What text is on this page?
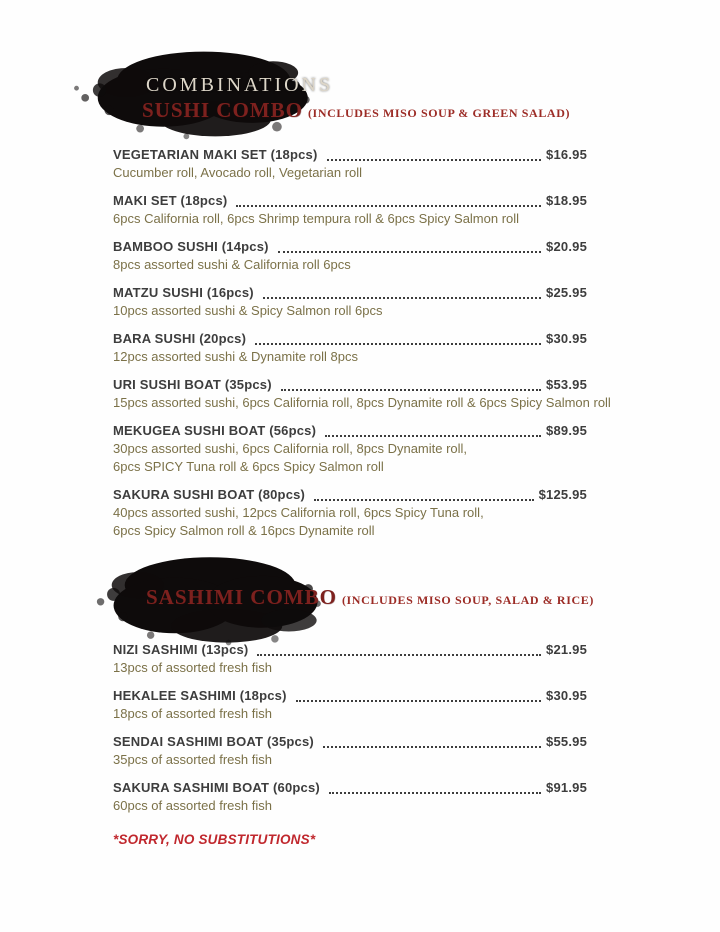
COMBINATIONS
SUSHI COMBO (INCLUDES MISO SOUP & GREEN SALAD)
SASHIMI COMBO (INCLUDES MISO SOUP, SALAD & RICE)
VEGETARIAN MAKI SET (18pcs)	$16.95
Cucumber roll, Avocado roll, Vegetarian roll
MAKI SET (18pcs)	$18.95
6pcs California roll, 6pcs Shrimp tempura roll & 6pcs Spicy Salmon roll
BAMBOO SUSHI (14pcs)	$20.95
8pcs assorted sushi & California roll 6pcs
MATZU SUSHI (16pcs)	$25.95
10pcs assorted sushi & Spicy Salmon roll 6pcs
BARA SUSHI (20pcs)	$30.95
12pcs assorted sushi & Dynamite roll 8pcs
URI SUSHI BOAT (35pcs)	$53.95
15pcs assorted sushi, 6pcs California roll, 8pcs Dynamite roll & 6pcs Spicy Salmon roll
MEKUGEA SUSHI BOAT (56pcs)	$89.95
30pcs assorted sushi, 6pcs California roll, 8pcs Dynamite roll,
6pcs SPICY Tuna roll & 6pcs Spicy Salmon roll
SAKURA SUSHI BOAT (80pcs)	$125.95
40pcs assorted sushi, 12pcs California roll, 6pcs Spicy Tuna roll,
6pcs Spicy Salmon roll & 16pcs Dynamite roll
NIZI SASHIMI (13pcs)	$21.95
13pcs of assorted fresh fish
HEKALEE SASHIMI (18pcs)	$30.95
18pcs of assorted fresh fish
SENDAI SASHIMI BOAT (35pcs)	$55.95
35pcs of assorted fresh fish
SAKURA SASHIMI BOAT (60pcs)	$91.95
60pcs of assorted fresh fish
*SORRY, NO SUBSTITUTIONS*
